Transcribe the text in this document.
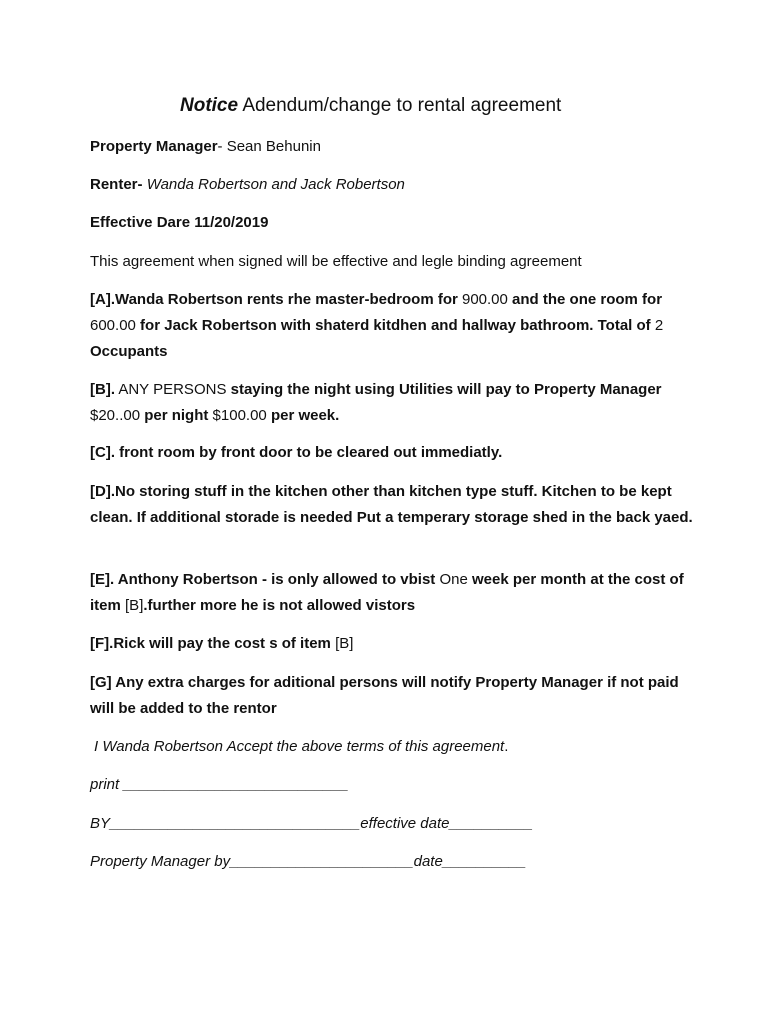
Notice Adendum/change to rental agreement
Property Manager- Sean Behunin
Renter- Wanda Robertson and Jack Robertson
Effective Dare 11/20/2019
This agreement when signed will be effective and legle binding agreement
[A].Wanda Robertson rents rhe master-bedroom for 900.00 and the one room for 600.00 for Jack Robertson with shaterd kitdhen and hallway bathroom. Total of 2 Occupants
[B]. ANY PERSONS staying the night using Utilities will pay to Property Manager $20..00 per night $100.00 per week.
[C]. front room by front door to be cleared out immediatly.
[D].No storing stuff in the kitchen other than kitchen type stuff. Kitchen to be kept clean. If additional storade is needed Put a temperary storage shed in the back yaed.
[E]. Anthony Robertson - is only allowed to vbist One week per month at the cost of item [B].further more he is not allowed vistors
[F].Rick will pay the cost s of item [B]
[G] Any extra charges for aditional persons will notify Property Manager if not paid will be added to the rentor
I Wanda Robertson Accept the above terms of this agreement.
print ___________________________
BY______________________________effective date__________
Property Manager by______________________date__________
